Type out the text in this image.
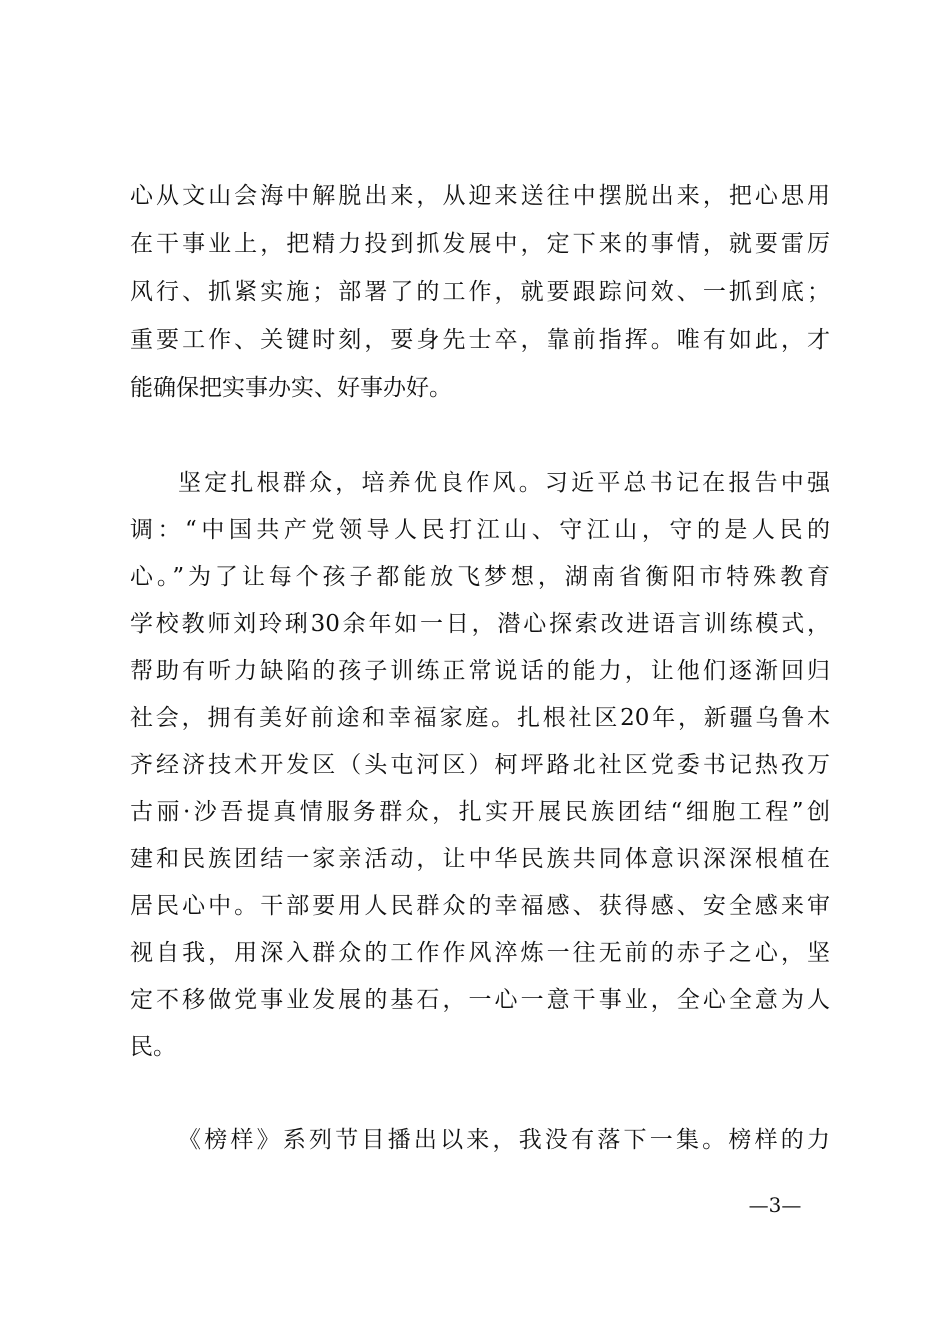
心从文山会海中解脱出来，从迎来送往中摆脱出来，把心思用
在干事业上，把精力投到抓发展中，定下来的事情，就要雷厉
风行、抓紧实施；部署了的工作，就要跟踪问效、一抓到底；
重要工作、关键时刻，要身先士卒，靠前指挥。唯有如此，才
能确保把实事办实、好事办好。
坚定扎根群众，培养优良作风。习近平总书记在报告中强
调：“中国共产党领导人民打江山、守江山，守的是人民的
心。”为了让每个孩子都能放飞梦想，湖南省衡阳市特殊教育
学校教师刘玲琍30余年如一日，潜心探索改进语言训练模式，
帮助有听力缺陷的孩子训练正常说话的能力，让他们逐渐回归
社会，拥有美好前途和幸福家庭。扎根社区20年，新疆乌鲁木
齐经济技术开发区（头屯河区）柯坪路北社区党委书记热孜万
古丽·沙吾提真情服务群众，扎实开展民族团结“细胞工程”创
建和民族团结一家亲活动，让中华民族共同体意识深深根植在
居民心中。干部要用人民群众的幸福感、获得感、安全感来审
视自我，用深入群众的工作作风淬炼一往无前的赤子之心，坚
定不移做党事业发展的基石，一心一意干事业，全心全意为人
民。
《榜样》系列节目播出以来，我没有落下一集。榜样的力
—3—
